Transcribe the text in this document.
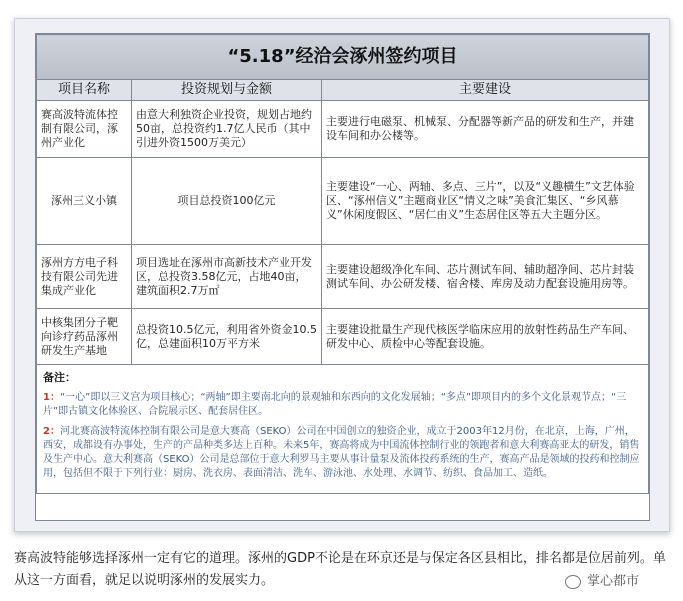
“5.18”经洽会涿州签约项目		
项目名称	投资规划与金额	主要建设
赛高波特流体控制有限公司，涿州产业化	由意大利独资企业投资，规划占地约50亩，总投资约1.7亿人民币（其中引进外资1500万美元）	主要进行电磁泵、机械泵、分配器等新产品的研发和生产，并建设车间和办公楼等。
涿州三义小镇	项目总投资100亿元	主要建设“一心、两轴、多点、三片”，以及“义趣横生”文艺体验区、“涿州信义”主题商业区“情义之味”美食汇集区、“乡风慕义”休闲度假区、“居仁由义”生态居住区等五大主题分区。
涿州方方电子科技有限公司先进集成产业化	项目选址在涿州市高新技术产业开发区，总投资3.58亿元，占地40亩，建筑面积2.7万㎡	主要建设超级净化车间、芯片测试车间、辅助超净间、芯片封装测试车间、办公研发楼、宿舍楼、库房及动力配套设施用房等。
中核集团分子靶向诊疗药品涿州研发生产基地	总投资10.5亿元，利用省外资金10.5亿，总建面积10万平方米	主要建设批量生产现代核医学临床应用的放射性药品生产车间、研发中心、质检中心等配套设施。

备注：

1：“一心”即以三义宫为项目核心；“两轴”即主要南北向的景观轴和东西向的文化发展轴；“多点”即项目内的多个文化景观节点；“三片”即古镇文化体验区、合院展示区、配套居住区。

2：河北赛高波特流体控制有限公司是意大赛高（SEKO）公司在中国创立的独资企业，成立于2003年12月份，在北京，上海，广州，西安，成都设有办事处，生产的产品种类多达上百种。未来5年，赛高将成为中国流体控制行业的领跑者和意大利赛高亚太的研发，销售及生产中心。意大利赛高（SEKO）公司是总部位于意大利罗马主要从事计量泵及流体投药系统的生产，赛高产品是领域的投药和控制应用，包括但不限于下列行业：厨房、洗衣房、表面清洁、洗车、游泳池、水处理、水调节、纺织、食品加工、造纸。		

赛高波特能够选择涿州一定有它的道理。涿州的GDP不论是在环京还是与保定各区县相比，排名都是位居前列。单从这一方面看，就足以说明涿州的发展实力。	掌心都市
